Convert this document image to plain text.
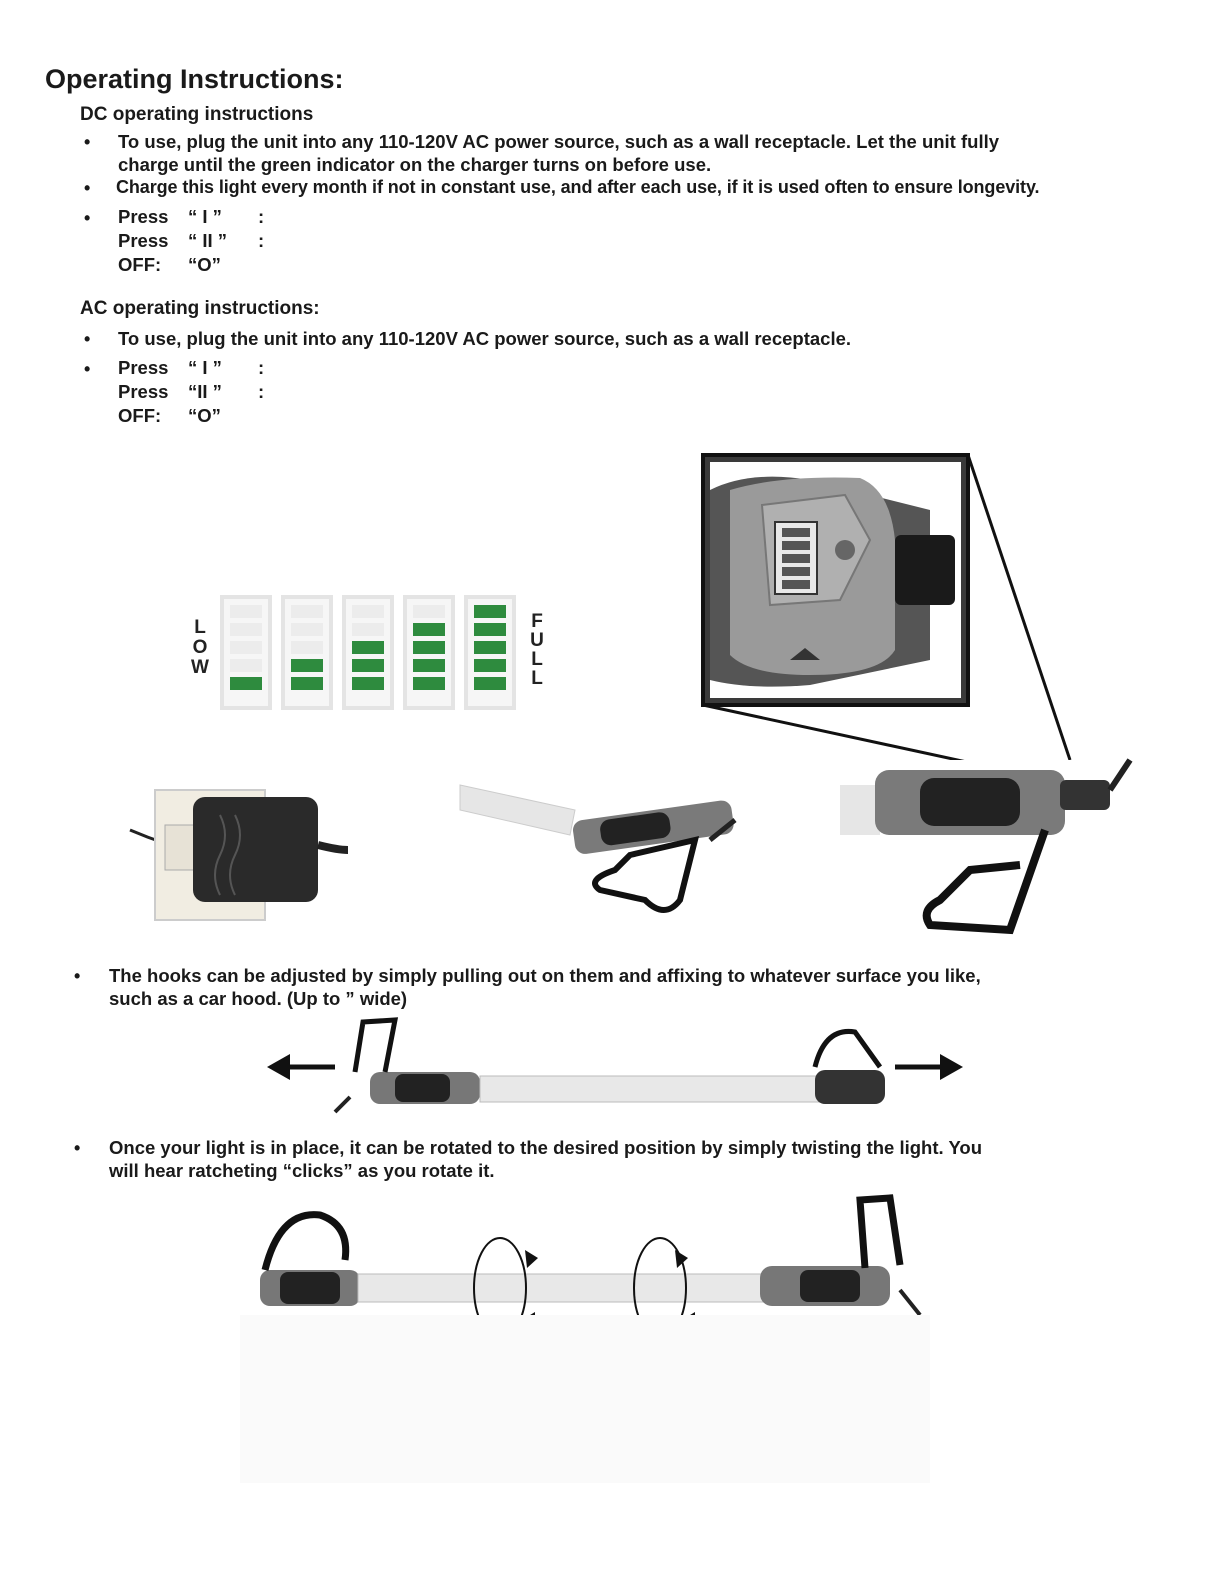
Operating Instructions:
DC operating instructions
• To use, plug the unit into any 110-120V AC power source, such as a wall receptacle. Let the unit fully
charge until the green indicator on the charger turns on before use.
• Charge this light every month if not in constant use, and after each use, if it is used often to ensure longevity.
• Press “ I ” :
Press “ II ” :
OFF: “O”
AC operating instructions:
• To use, plug the unit into any 110-120V AC power source, such as a wall receptacle.
• Press “ I ” :
Press “II ” :
OFF: “O”
L
O
W
F
U
L
L
• The hooks can be adjusted by simply pulling out on them and affixing to whatever surface you like,
such as a car hood. (Up to ” wide)
• Once your light is in place, it can be rotated to the desired position by simply twisting the light. You
will hear ratcheting “clicks” as you rotate it.
